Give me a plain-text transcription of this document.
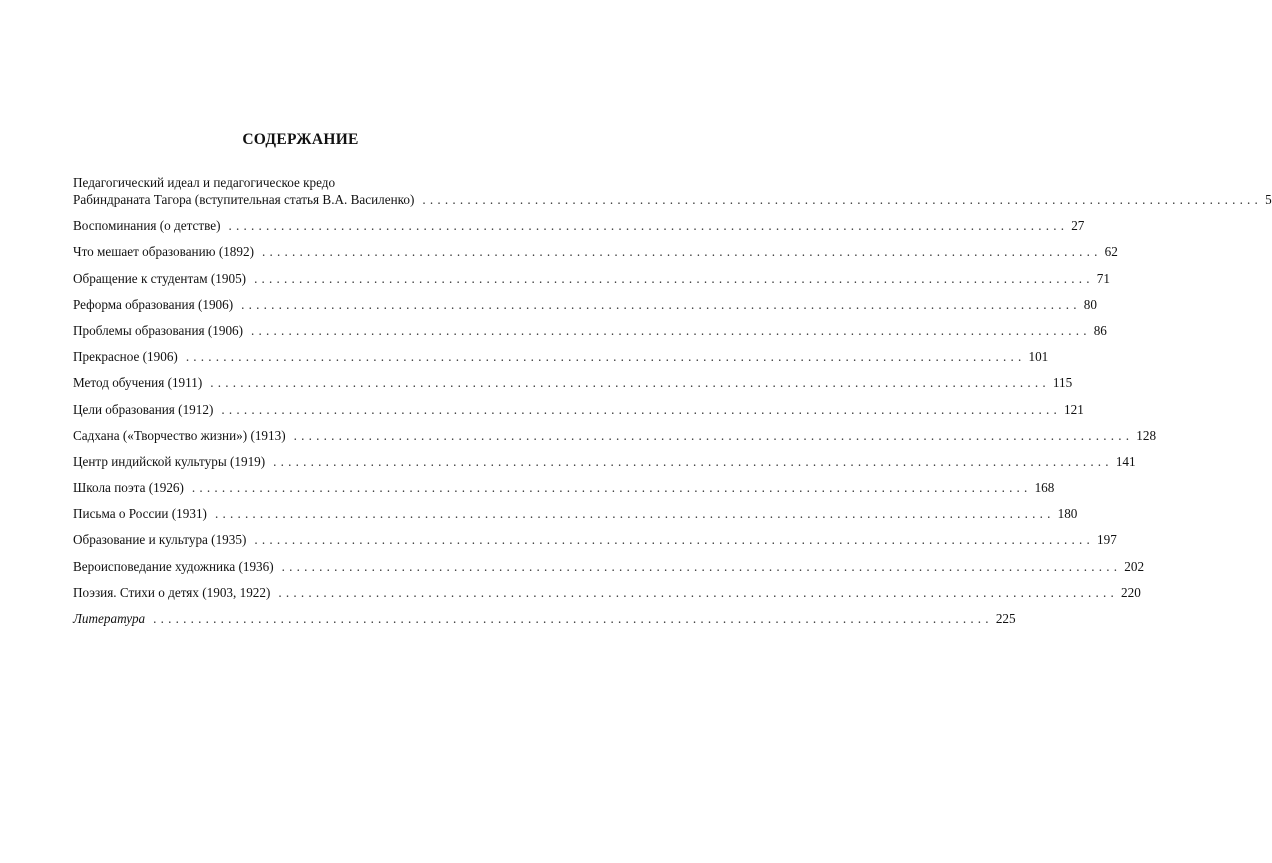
СОДЕРЖАНИЕ
Педагогический идеал и педагогическое кредо
Рабиндраната Тагора (вступительная статья В.А. Василенко) ................................................................................................................ 5
Воспоминания (о детстве) ................................................................................................................ 27
Что мешает образованию (1892) ................................................................................................................ 62
Обращение к студентам (1905) ................................................................................................................ 71
Реформа образования (1906) ................................................................................................................ 80
Проблемы образования (1906) ................................................................................................................ 86
Прекрасное (1906) ................................................................................................................ 101
Метод обучения (1911) ................................................................................................................ 115
Цели образования (1912) ................................................................................................................ 121
Садхана («Творчество жизни») (1913) ................................................................................................................ 128
Центр индийской культуры (1919) ................................................................................................................ 141
Школа поэта (1926) ................................................................................................................ 168
Письма о России (1931) ................................................................................................................ 180
Образование и культура (1935) ................................................................................................................ 197
Вероисповедание художника (1936) ................................................................................................................ 202
Поэзия. Стихи о детях (1903, 1922) ................................................................................................................ 220
Литература ................................................................................................................ 225
